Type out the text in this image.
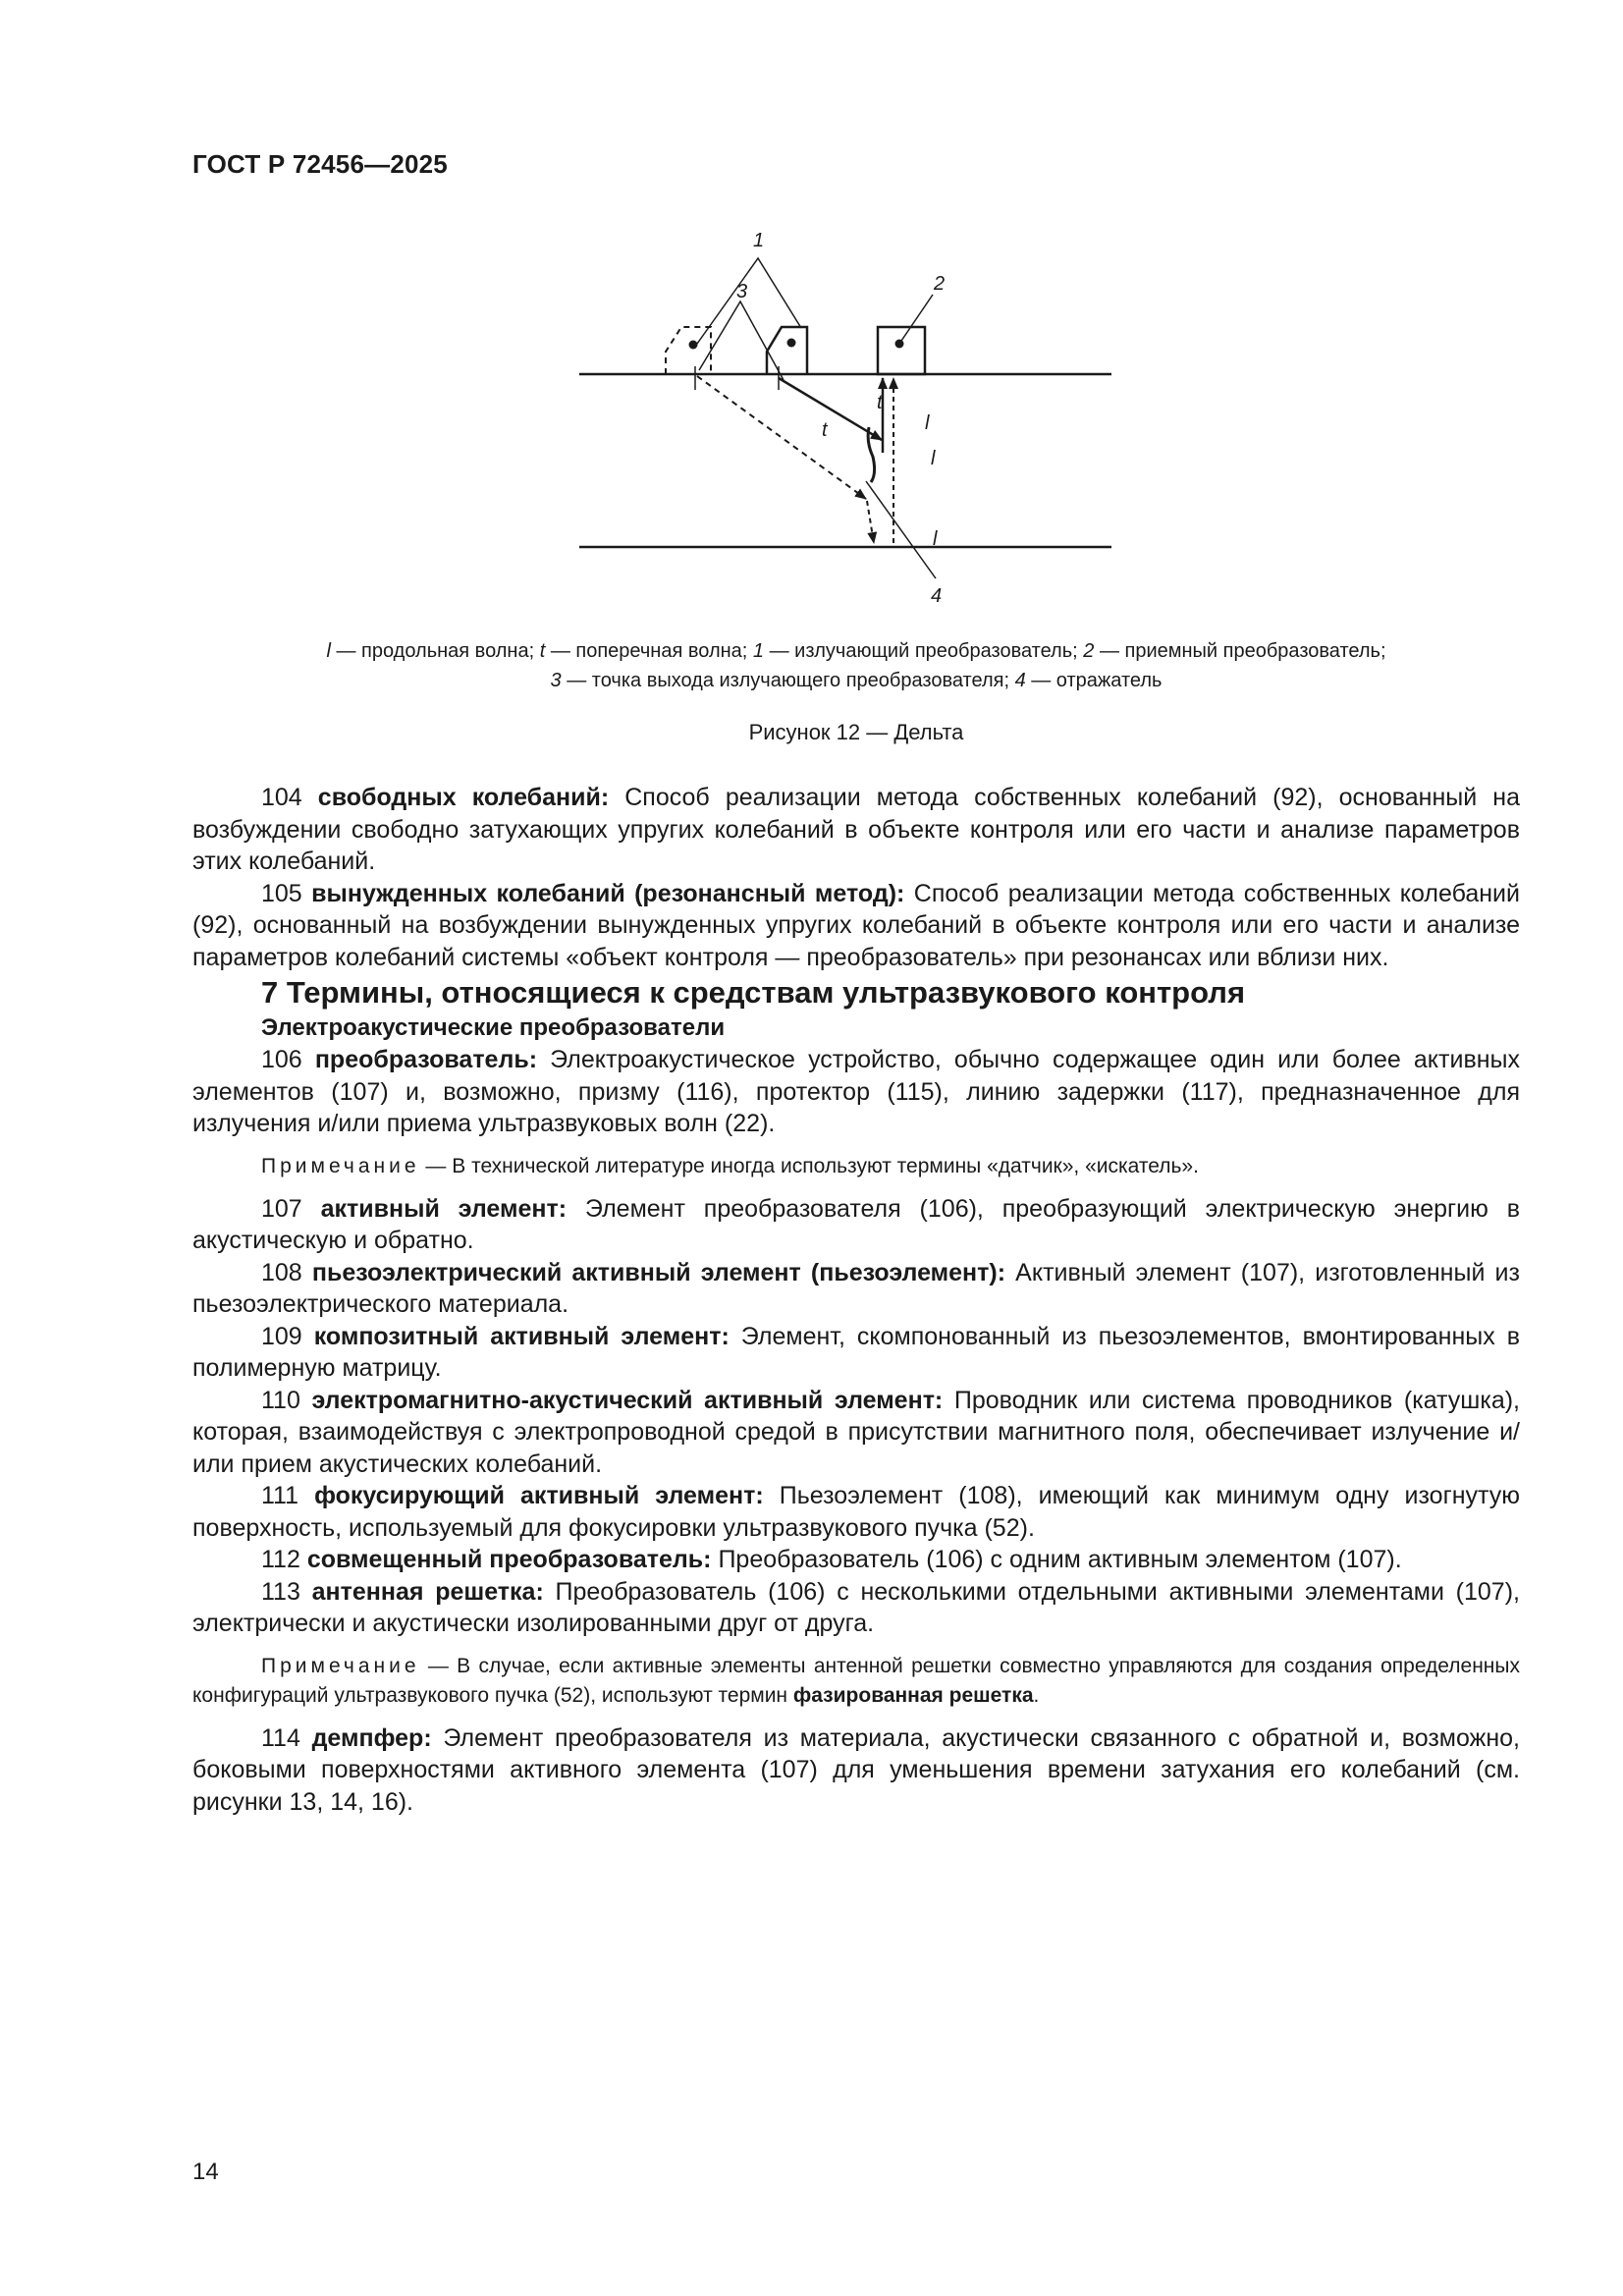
ГОСТ Р 72456—2025
1
3	2
4
t
t	l
l
l
l — продольная волна; t — поперечная волна; 1 — излучающий преобразователь; 2 — приемный преобразователь;
3 — точка выхода излучающего преобразователя; 4 — отражатель
Рисунок 12 — Дельта

104 свободных колебаний: Способ реализации метода собственных колебаний (92), основанный на возбуждении свободно затухающих упругих колебаний в объекте контроля или его части и анализе параметров этих колебаний.

105 вынужденных колебаний (резонансный метод): Способ реализации метода собственных колебаний (92), основанный на возбуждении вынужденных упругих колебаний в объекте контроля или его части и анализе параметров колебаний системы «объект контроля — преобразователь» при резонансах или вблизи них.

7 Термины, относящиеся к средствам ультразвукового контроля

Электроакустические преобразователи

106 преобразователь: Электроакустическое устройство, обычно содержащее один или более активных элементов (107) и, возможно, призму (116), протектор (115), линию задержки (117), предназначенное для излучения и/или приема ультразвуковых волн (22).

Примечание — В технической литературе иногда используют термины «датчик», «искатель».

107 активный элемент: Элемент преобразователя (106), преобразующий электрическую энергию в акустическую и обратно.

108 пьезоэлектрический активный элемент (пьезоэлемент): Активный элемент (107), изготовленный из пьезоэлектрического материала.

109 композитный активный элемент: Элемент, скомпонованный из пьезоэлементов, вмонтированных в полимерную матрицу.

110 электромагнитно-акустический активный элемент: Проводник или система проводников (катушка), которая, взаимодействуя с электропроводной средой в присутствии магнитного поля, обеспечивает излучение и/или прием акустических колебаний.

111 фокусирующий активный элемент: Пьезоэлемент (108), имеющий как минимум одну изогнутую поверхность, используемый для фокусировки ультразвукового пучка (52).

112 совмещенный преобразователь: Преобразователь (106) с одним активным элементом (107).

113 антенная решетка: Преобразователь (106) с несколькими отдельными активными элементами (107), электрически и акустически изолированными друг от друга.

Примечание — В случае, если активные элементы антенной решетки совместно управляются для создания определенных конфигураций ультразвукового пучка (52), используют термин фазированная решетка.

114 демпфер: Элемент преобразователя из материала, акустически связанного с обратной и, возможно, боковыми поверхностями активного элемента (107) для уменьшения времени затухания его колебаний (см. рисунки 13, 14, 16).

14
